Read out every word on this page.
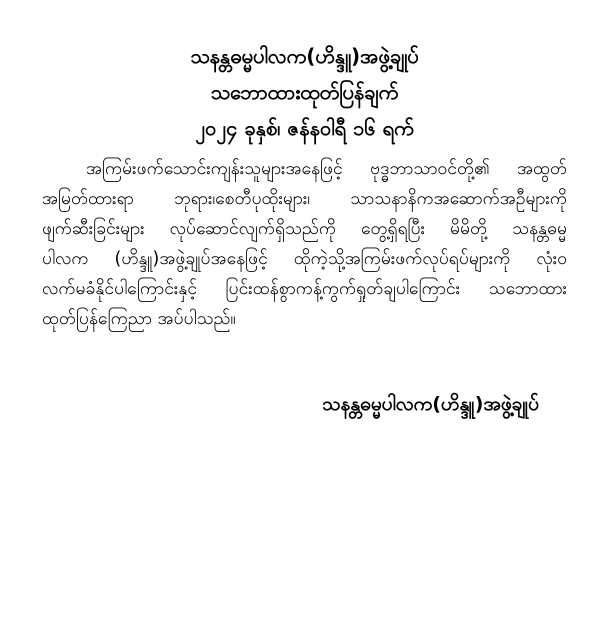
သနန္တဓမ္မပါလက(ဟိန္ဒူ)အဖွဲ့ချုပ်
သဘောထားထုတ်ပြန်ချက်
၂၀၂၄ ခုနှစ်၊ ဇန်နဝါရီ ၁၆ ရက်
အကြမ်းဖက်သောင်းကျန်းသူများအနေဖြင့် ဗုဒ္ဓဘာသာဝင်တို့၏ အထွတ်
အမြတ်ထားရာ ဘုရား၊စေတီပုထိုးများ၊ သာသနာနိကအဆောက်အဦများကို
ဖျက်ဆီးခြင်းများ လုပ်ဆောင်လျက်ရှိသည်ကို တွေ့ရှိရပြီး မိမိတို့ သနန္တဓမ္မ
ပါလက (ဟိန္ဒူ)အဖွဲ့ချုပ်အနေဖြင့် ထိုကဲ့သို့အကြမ်းဖက်လုပ်ရပ်များကို လုံးဝ
လက်မခံနိုင်ပါကြောင်းနှင့် ပြင်းထန်စွာကန့်ကွက်ရှုတ်ချပါကြောင်း သဘောထား
ထုတ်ပြန်ကြေညာ အပ်ပါသည်။
သနန္တဓမ္မပါလက(ဟိန္ဒူ)အဖွဲ့ချုပ်
